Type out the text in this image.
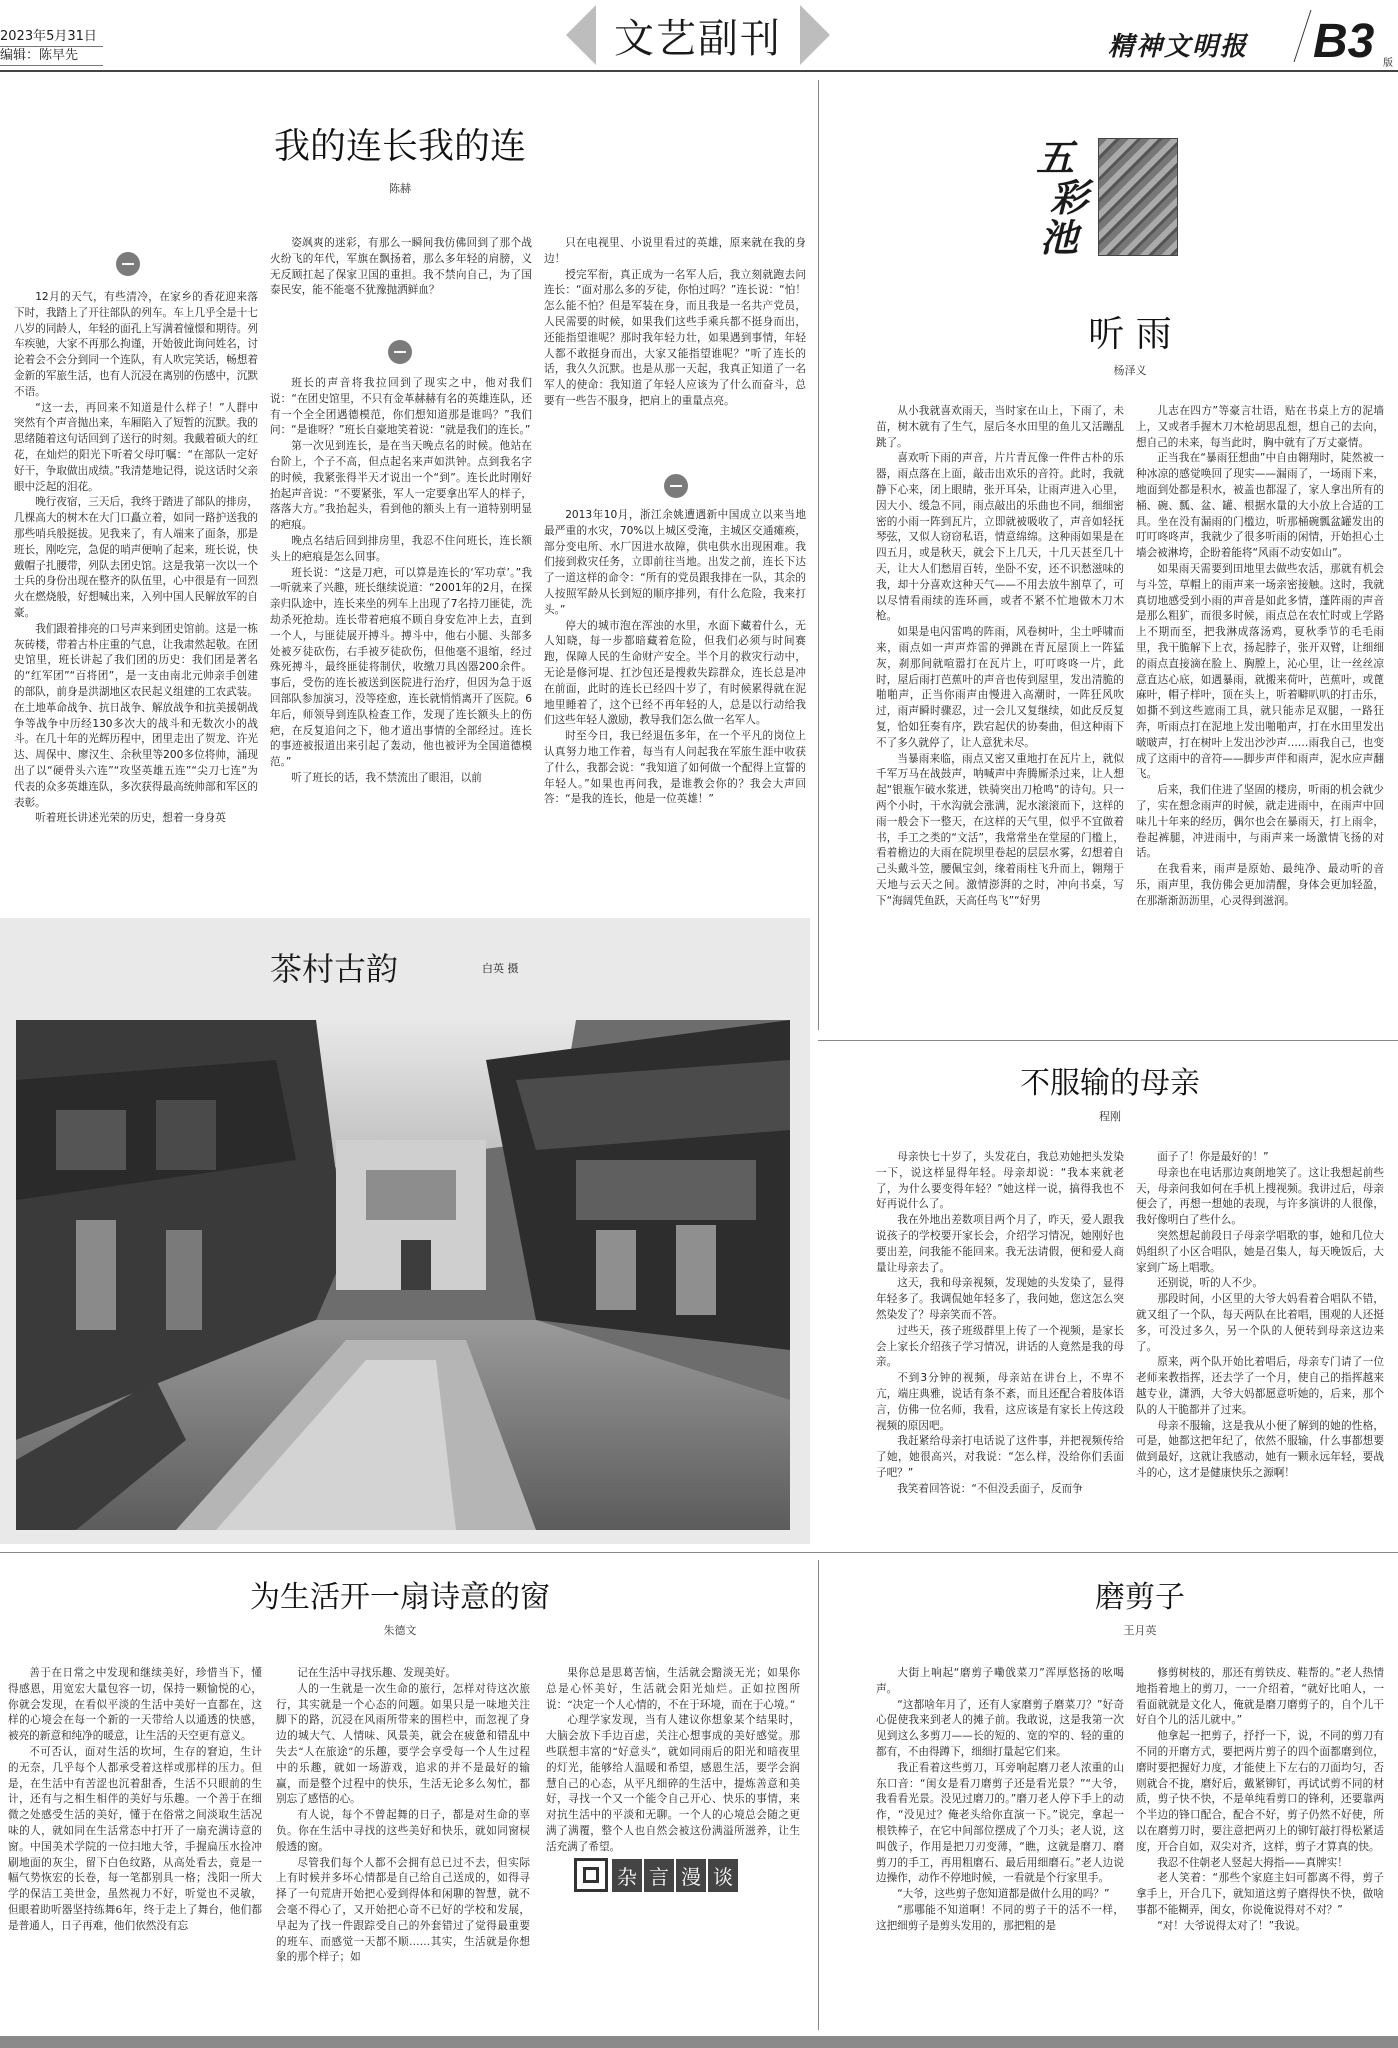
2023年5月31日
编辑：陈早先	文艺副刊	精神文明报 B3 版
我的连长我的连
陈赫

12月的天气，有些清冷，在家乡的香花迎来落下时，我踏上了开往部队的列车。车上几乎全是十七八岁的同龄人，年轻的面孔上写满着憧憬和期待。列车疾驰，大家不再那么拘谨，开始彼此询问姓名，讨论着会不会分到同一个连队，有人吹完笑话，畅想着金新的军旅生活，也有人沉浸在离别的伤感中，沉默不语。

“这一去，再回来不知道是什么样子！”人群中突然有个声音抛出来，车厢陷入了短暂的沉默。我的思绪随着这句话回到了送行的时刻。我戴着硕大的红花，在灿烂的阳光下听着父母叮嘱：“在部队一定好好干，争取做出成绩。”我清楚地记得，说这话时父亲眼中泛起的泪花。

晚行夜宿，三天后，我终于踏进了部队的排房，几棵高大的树木在大门口矗立着，如同一路护送我的那些哨兵般挺拔。见我来了，有人端来了面条，那是班长，刚吃完，急促的哨声便响了起来，班长说，快戴帽子扎腰带，列队去团史馆。这是我第一次以一个士兵的身份出现在整齐的队伍里，心中很是有一回烈火在燃烧般，好想喊出来，入列中国人民解放军的自豪。

我们跟着排亮的口号声来到团史馆前。这是一栋灰砖楼，带着古朴庄重的气息，让我肃然起敬。在团史馆里，班长讲起了我们团的历史：我们团是著名的“红军团”“百将团”，是一支由南北元帅亲手创建的部队，前身是洪湖地区农民起义组建的工农武装。在土地革命战争、抗日战争、解放战争和抗美援朝战争等战争中历经130多次大的战斗和无数次小的战斗。在几十年的光辉历程中，团里走出了贺龙、许光达、周保中、廖汉生、余秋里等200多位将帅，涌现出了以“硬骨头六连”“攻坚英雄五连”“尖刀七连”为代表的众多英雄连队，多次获得最高统帅部和军区的表彰。

听着班长讲述光荣的历史，想着一身身英

姿飒爽的迷彩，有那么一瞬间我仿佛回到了那个战火纷飞的年代，军旗在飘扬着，那么多年轻的肩膀，义无反顾扛起了保家卫国的重担。我不禁向自己，为了国泰民安，能不能毫不犹豫抛洒鲜血？

班长的声音将我拉回到了现实之中，他对我们说：“在团史馆里，不只有金革赫赫有名的英雄连队，还有一个全全团遇德模范，你们想知道那是谁吗？”我们问：“是谁呀？”班长自豪地笑着说：“就是我们的连长。”

第一次见到连长，是在当天晚点名的时候。他站在台阶上，个子不高，但点起名来声如洪钟。点到我名字的时候，我紧张得半天才说出一个“到”。连长此时刚好抬起声音说：“不要紧张，军人一定要拿出军人的样子，落落大方。”我抬起头，看到他的额头上有一道特别明显的疤痕。

晚点名结后回到排房里，我忍不住问班长，连长额头上的疤痕是怎么回事。

班长说：“这是刀疤，可以算是连长的‘军功章’。”我一听就来了兴趣，班长继续说道：“2001年的2月，在探亲归队途中，连长来坐的列车上出现了7名持刀匪徒，洗劫杀死抢劫。连长带着疤痕不顾自身安危冲上去，直到一个人，与匪徒展开搏斗。搏斗中，他右小腿、头部多处被歹徒砍伤，右手被歹徒砍伤，但他毫不退缩，经过殊死搏斗，最终匪徒将制伏，收缴刀具凶器200余件。事后，受伤的连长被送到医院进行治疗，但因为急于返回部队参加演习，没等痊愈，连长就悄悄离开了医院。6年后，师领导到连队检查工作，发现了连长额头上的伤疤，在反复追问之下，他才道出事情的全部经过。连长的事迹被报道出来引起了轰动，他也被评为全国道德模范。”

听了班长的话，我不禁流出了眼泪，以前

只在电视里、小说里看过的英雄，原来就在我的身边！

授完军衔，真正成为一名军人后，我立刻就跑去问连长：“面对那么多的歹徒，你怕过吗？”连长说：“怕！怎么能不怕？但是军装在身，而且我是一名共产党员，人民需要的时候，如果我们这些手乘兵都不挺身而出，还能指望谁呢？那时我年轻力壮，如果遇到事情，年轻人都不敢挺身而出，大家又能指望谁呢？”听了连长的话，我久久沉默。也是从那一天起，我真正知道了一名军人的使命：我知道了年轻人应该为了什么而奋斗，总要有一些告不服身，把肩上的重量点亮。

2013年10月，浙江余姚遭遇新中国成立以来当地最严重的水灾，70%以上城区受淹，主城区交通瘫痪，部分变电所、水厂因进水故障，供电供水出现困难。我们接到救灾任务，立即前往当地。出发之前，连长下达了一道这样的命令：“所有的党员跟我排在一队，其余的人按照军龄从长到短的顺序排列，有什么危险，我来打头。”

停大的城市泡在浑浊的水里，水面下藏着什么，无人知晓，每一步都暗藏着危险，但我们必须与时间赛跑，保障人民的生命财产安全。半个月的救灾行动中，无论是修河堤、扛沙包还是搜救失踪群众，连长总是冲在前面，此时的连长已经四十岁了，有时候累得就在泥地里睡着了，这个已经不再年轻的人，总是以行动给我们这些年轻人激励，教导我们怎么做一名军人。

时至今日，我已经退伍多年，在一个平凡的岗位上认真努力地工作着，每当有人问起我在军旅生涯中收获了什么，我都会说：“我知道了如何做一个配得上宣誓的年轻人。”如果也再问我，是谁教会你的？我会大声回答：“是我的连长，他是一位英雄！”

五
彩
池
听 雨
杨泽义

从小我就喜欢雨天，当时家在山上，下雨了，未苗，树木就有了生气，屋后冬水田里的鱼儿又活蹦乱跳了。

喜欢听下雨的声音，片片青瓦像一件件古朴的乐器，雨点落在上面，敲击出欢乐的音符。此时，我就静下心来，闭上眼睛，张开耳朵，让雨声进入心里，因大小、缓急不同，雨点敲出的乐曲也不同，细细密密的小雨一阵到瓦片，立即就被吸收了，声音如轻抚琴弦，又似人窃窃私语，情意绵绵。这种雨如果是在四五月，或是秋天，就会下上几天，十几天甚至几十天，让大人们愁眉百转，坐卧不安，还不识愁滋味的我，却十分喜欢这种天气——不用去放牛割草了，可以尽情看雨续的连环画，或者不紧不忙地做木刀木枪。

如果是电闪雷鸣的阵雨，风卷树叶，尘土呼啸而来，雨点如一声声炸雷的弹跳在青瓦屋顶上一阵猛灰，刹那间就喧嚣打在瓦片上，叮叮咚咚一片，此时，屋后雨打芭蕉叶的声音也传到屋里，发出清脆的啪啪声，正当你雨声由慢进入高潮时，一阵狂风吹过，雨声瞬时骤忍，过一会儿又复继续，如此反反复复，恰如狂奏有序，跌宕起伏的协奏曲，但这种雨下不了多久就停了，让人意犹未尽。

当暴雨来临，雨点又密又重地打在瓦片上，就似千军万马在战鼓声，呐喊声中奔腾厮杀过来，让人想起“银瓶乍破水浆迸，铁骑突出刀枪鸣”的诗句。只一两个小时，干水沟就会涨满，泥水滚滚而下，这样的雨一般会下一整天，在这样的天气里，似乎不宜做着书，手工之类的“文活”，我常常坐在堂屋的门槛上，看着檐边的大雨在院坝里卷起的层层水雾，幻想着自己头戴斗笠，腰佩宝剑，缘着雨柱飞升而上，翱翔于天地与云天之间。激情澎湃的之时，冲向书桌，写下“海阔凭鱼跃，天高任鸟飞”“好男

儿志在四方”等豪言壮语，贴在书桌上方的泥墙上，又或者手握木刀木枪胡思乱想，想自己的去向，想自己的未来，每当此时，胸中就有了万丈豪情。

正当我在“暴雨狂想曲”中自由翱翔时，陡然被一种冰凉的感觉唤回了现实——漏雨了，一场雨下来，地面到处都是积水，被盖也都湿了，家人拿出所有的桶、碗、瓢、盆、罐、根据水量的大小放上合适的工具。坐在没有漏雨的门槛边，听那桶碗瓢盆罐发出的叮叮咚咚声，我就少了很多听雨的闲情，开始担心土墙会被淋垮，企盼着能将“风雨不动安如山”。

如果雨天需要到田地里去做些农活，那就有机会与斗笠，草帽上的雨声来一场亲密接触。这时，我就真切地感受到小雨的声音是如此多情，蓬阵雨的声音是那么粗犷，而很多时候，雨点总在农忙时或上学路上不期而至，把我淋成落汤鸡，夏秋季节的毛毛雨里，我干脆解下上衣，扬起脖子，张开双臂，让细细的雨点直接滴在脸上、胸膛上，沁心里，让一丝丝凉意直达心底，如遇暴雨，就搬来荷叶，芭蕉叶，或蓖麻叶，帽子样叶，顶在头上，听着噼叭叭的打击乐，如撕不到这些遮雨工具，就只能赤足双腿，一路狂奔，听雨点打在泥地上发出啪啪声，打在水田里发出啵啵声，打在树叶上发出沙沙声……雨我自己，也变成了这雨中的音符——脚步声伴和雨声，泥水应声翻飞。

后来，我们住进了坚固的楼房，听雨的机会就少了，实在想念雨声的时候，就走进雨中，在雨声中回味儿十年来的经历，偶尔也会在暴雨天，打上雨伞，卷起裤腿，冲进雨中，与雨声来一场激情飞扬的对话。

在我看来，雨声是原始、最纯净、最动听的音乐，雨声里，我仿佛会更加清醒，身体会更加轻盈，在那渐渐沥沥里，心灵得到滋润。

茶村古韵	白英 摄
不服输的母亲
程刚

母亲快七十岁了，头发花白，我总劝她把头发染一下，说这样显得年轻。母亲却说：“我本来就老了，为什么要变得年轻？”她这样一说，搞得我也不好再说什么了。

我在外地出差数项目两个月了，昨天，爱人跟我说孩子的学校要开家长会，介绍学习情况，她刚好也要出差，问我能不能回来。我无法请假，便和爱人商量让母亲去了。

这天，我和母亲视频，发现她的头发染了，显得年轻多了。我调侃她年轻多了，我问她，您这怎么突然染发了？母亲笑而不答。

过些天，孩子班级群里上传了一个视频，是家长会上家长介绍孩子学习情况，讲话的人竟然是我的母亲。

不到3分钟的视频，母亲站在讲台上，不卑不亢，端庄典雅，说话有条不紊，而且还配合着肢体语言，仿佛一位名师，我看，这应该是有家长上传这段视频的原因吧。

我赶紧给母亲打电话说了这件事，并把视频传给了她，她很高兴，对我说：“怎么样，没给你们丢面子吧？”

我笑着回答说：“不但没丢面子，反而争

面子了！你是最好的！”

母亲也在电话那边爽朗地笑了。这让我想起前些天，母亲问我如何在手机上搜视频。我讲过后，母亲便会了，再想一想她的表现，与许多演讲的人很像，我好像明白了些什么。

突然想起前段日子母亲学唱歌的事，她和几位大妈组织了小区合唱队，她是召集人，每天晚饭后，大家到广场上唱歌。

还别说，听的人不少。

那段时间，小区里的大爷大妈看着合唱队不错，就又组了一个队，每天两队在比着唱，围观的人还挺多，可没过多久，另一个队的人便转到母亲这边来了。

原来，两个队开始比着唱后，母亲专门请了一位老师来教指挥，还去学了一个月，使自己的指挥越来越专业，潇洒，大爷大妈都愿意听她的，后来，那个队的人干脆都并了过来。

母亲不服输，这是我从小便了解到的她的性格，可是，她都这把年纪了，依然不服输，什么事都想要做到最好，这就让我感动，她有一颗永远年轻，要战斗的心，这才是健康快乐之源啊！

为生活开一扇诗意的窗
朱德文

善于在日常之中发现和继续美好，珍惜当下，懂得感恩，用宽宏大量包容一切，保持一颗愉悦的心，你就会发现，在看似平淡的生活中美好一直都在，这样的心境会在每一个新的一天带给人以通透的快感，被亮的新意和纯净的暖意，让生活的天空更有意义。

不可否认，面对生活的坎坷，生存的窘迫，生计的无奈，几乎每个人都承受着这样或那样的压力。但是，在生活中有苦涩也沉着甜香，生活不只眼前的生计，还有与之相生相伴的美好与乐趣。一个善于在细微之处感受生活的美好，懂于在俗常之间淡取生活况味的人，就如同在生活常态中打开了一扇充满诗意的窗。中国美术学院的一位扫地大爷，手握扁压水捡冲刷地面的灰尘，留下白色纹路，从高处看去，竟是一幅气势恢宏的长卷，每一笔都别具一格；浅阳一所大学的保洁工美世金，虽然视力不好，听觉也不灵敏，但眼着助听器坚持练舞6年，终于走上了舞台，他们都是普通人，日子再难，他们依然没有忘

记在生活中寻找乐趣、发现美好。

人的一生就是一次生命的旅行，怎样对待这次旅行，其实就是一个心态的问题。如果只是一味地关注脚下的路，沉浸在风雨所带来的围栏中，而忽视了身边的城大气、人情味、风景美，就会在疲惫和错乱中失去“人在旅途”的乐趣，要学会享受每一个人生过程中的乐趣，就如一场游戏，追求的并不是最好的输赢，而是整个过程中的快乐，生活无论多么匆忙，都别忘了感悟的心。

有人说，每个不曾起舞的日子，都是对生命的辜负。你在生活中寻找的这些美好和快乐，就如同窗棂般透的窗。

尽管我们每个人都不会拥有总已过不去，但实际上有时候并多坏心情都是自己给自己送成的，如得寻择了一句荒唐开始把心爱到得体和闲聊的智慧，就不会毫不得心了，又开始把心奇不已好的学校和发展，早起为了找一件跟踪受自己的外套错过了觉得最重要的班车、而感觉一天都不顺……其实，生活就是你想象的那个样子；如

果你总是思葛苦恼，生活就会黯淡无光；如果你总是心怀美好，生活就会阳光灿烂。正如拉图所说：“决定一个人心情的，不在于环境，而在于心境。”

心理学家发现，当有人建议你想象某个结果时，大脑会放下手边百虑，关注心想事成的美好感觉。那些联想丰富的“好意头”，就如同雨后的阳光和暗夜里的灯光，能够给人温暖和希望，感恩生活，要学会润慧自己的心态，从平凡细碎的生活中，提炼善意和美好，寻找一个又一个能令自己开心、快乐的事情，来对抗生活中的平淡和无聊。一个人的心境总会随之更满了满覆，整个人也自然会被这份满溢所滋养，让生活充满了希望。

杂 言 漫 谈
磨剪子
王月英

大街上响起“磨剪子嘞戗菜刀”浑厚悠扬的吆喝声。

“这都啥年月了，还有人家磨剪子磨菜刀？”好奇心促使我来到老人的摊子前。我敢说，这是我第一次见到这么多剪刀——长的短的、宽的窄的、轻的重的都有，不由得蹲下，细细打量起它们来。

我正看着这些剪刀，耳旁响起磨刀老人浓重的山东口音：“闺女是看刀磨剪子还是看光景？”“大爷，我看看光景。没见过磨刀的。”磨刀老人停下手上的动作，“没见过？俺老头给你直演一下。”说完，拿起一根铁棒子，在它中间部位摆成了个刀头；老人说，这叫戗子，作用是把刀刃变薄，“瞧，这就是磨刀、磨剪刀的手工，再用粗磨石、最后用细磨石。”老人边说边操作，动作不停地时候，一看就是个行家里手。

“大爷，这些剪子您知道都是做什么用的吗？”

“那哪能不知道啊！不同的剪子干的活不一样，这把细剪子是剪头发用的，那把粗的是

修剪树枝的，那还有剪铁皮、鞋帮的。”老人热情地指着地上的剪刀，一一介绍着，“就好比咱人，一看面就就是文化人，俺就是磨刀磨剪子的，自个儿干好自个儿的活儿就中。”

他拿起一把剪子，抒抒一下，说，不同的剪刀有不同的开磨方式，要把两片剪子的四个面都磨到位，磨时要把握好力度，才能使上下左右的刀面均匀，否则就合不拢，磨好后，戴紧铆钉，再试试剪不同的材质，剪子快不快，不是单纯看剪口的锋利，还要靠两个半边的锋口配合，配合不好，剪子仍然不好使，所以在磨剪刀时，要注意把两刃上的铆钉敲打得松紧适度，开合自如，双尖对齐，这样，剪子才算真的快。

我忍不住朝老人竖起大拇指——真牌实！

老人笑着：“那些个家庭主妇可都离不得，剪子拿手上，开合几下，就知道这剪子磨得快不快，做啥事都不能糊弄，闺女，你说俺说得对不对？”

“对！大爷说得太对了！”我说。
